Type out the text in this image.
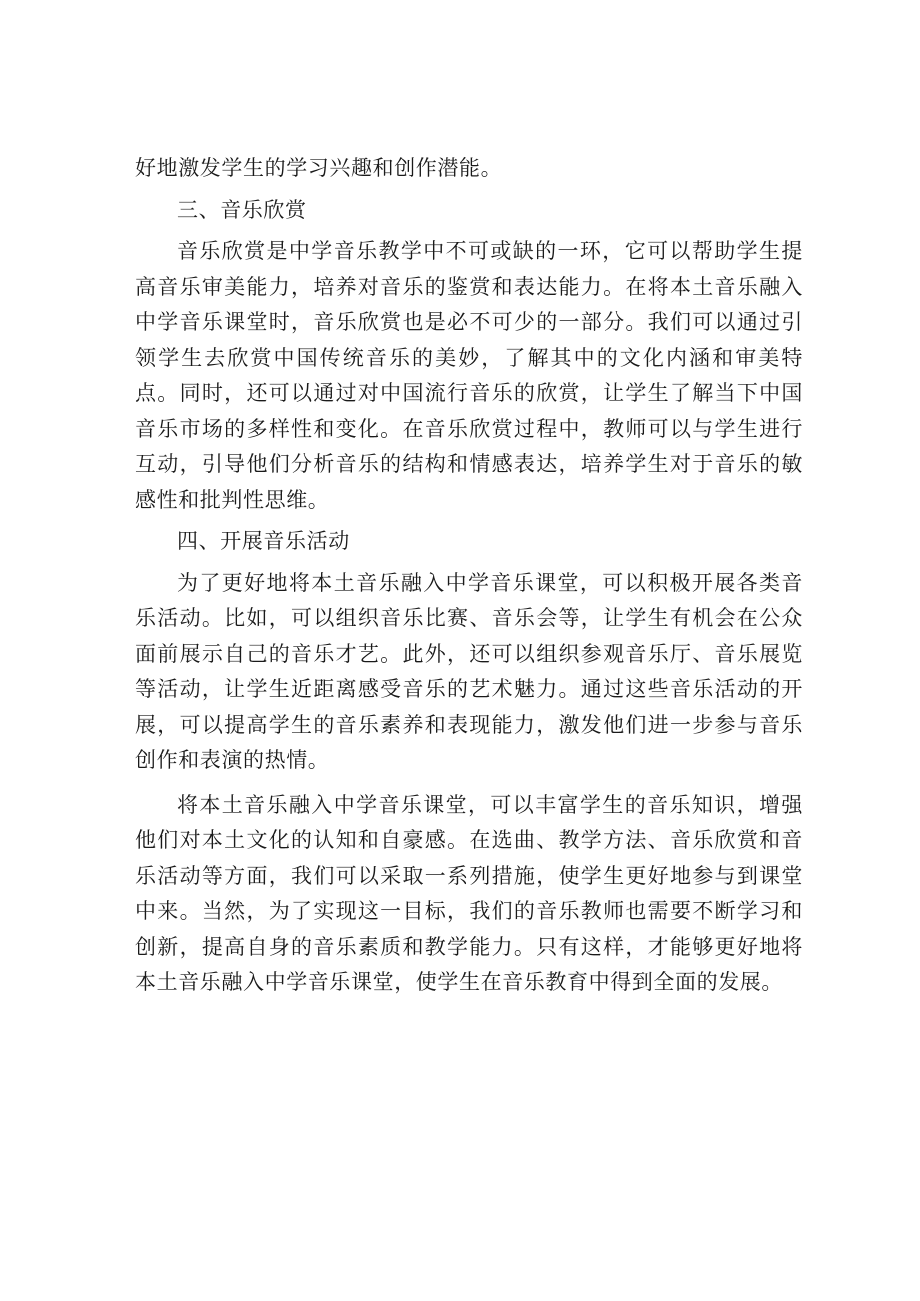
好地激发学生的学习兴趣和创作潜能。

三、音乐欣赏

音乐欣赏是中学音乐教学中不可或缺的一环，它可以帮助学生提高音乐审美能力，培养对音乐的鉴赏和表达能力。在将本土音乐融入中学音乐课堂时，音乐欣赏也是必不可少的一部分。我们可以通过引领学生去欣赏中国传统音乐的美妙，了解其中的文化内涵和审美特点。同时，还可以通过对中国流行音乐的欣赏，让学生了解当下中国音乐市场的多样性和变化。在音乐欣赏过程中，教师可以与学生进行互动，引导他们分析音乐的结构和情感表达，培养学生对于音乐的敏感性和批判性思维。

四、开展音乐活动

为了更好地将本土音乐融入中学音乐课堂，可以积极开展各类音乐活动。比如，可以组织音乐比赛、音乐会等，让学生有机会在公众面前展示自己的音乐才艺。此外，还可以组织参观音乐厅、音乐展览等活动，让学生近距离感受音乐的艺术魅力。通过这些音乐活动的开展，可以提高学生的音乐素养和表现能力，激发他们进一步参与音乐创作和表演的热情。

将本土音乐融入中学音乐课堂，可以丰富学生的音乐知识，增强他们对本土文化的认知和自豪感。在选曲、教学方法、音乐欣赏和音乐活动等方面，我们可以采取一系列措施，使学生更好地参与到课堂中来。当然，为了实现这一目标，我们的音乐教师也需要不断学习和创新，提高自身的音乐素质和教学能力。只有这样，才能够更好地将本土音乐融入中学音乐课堂，使学生在音乐教育中得到全面的发展。
